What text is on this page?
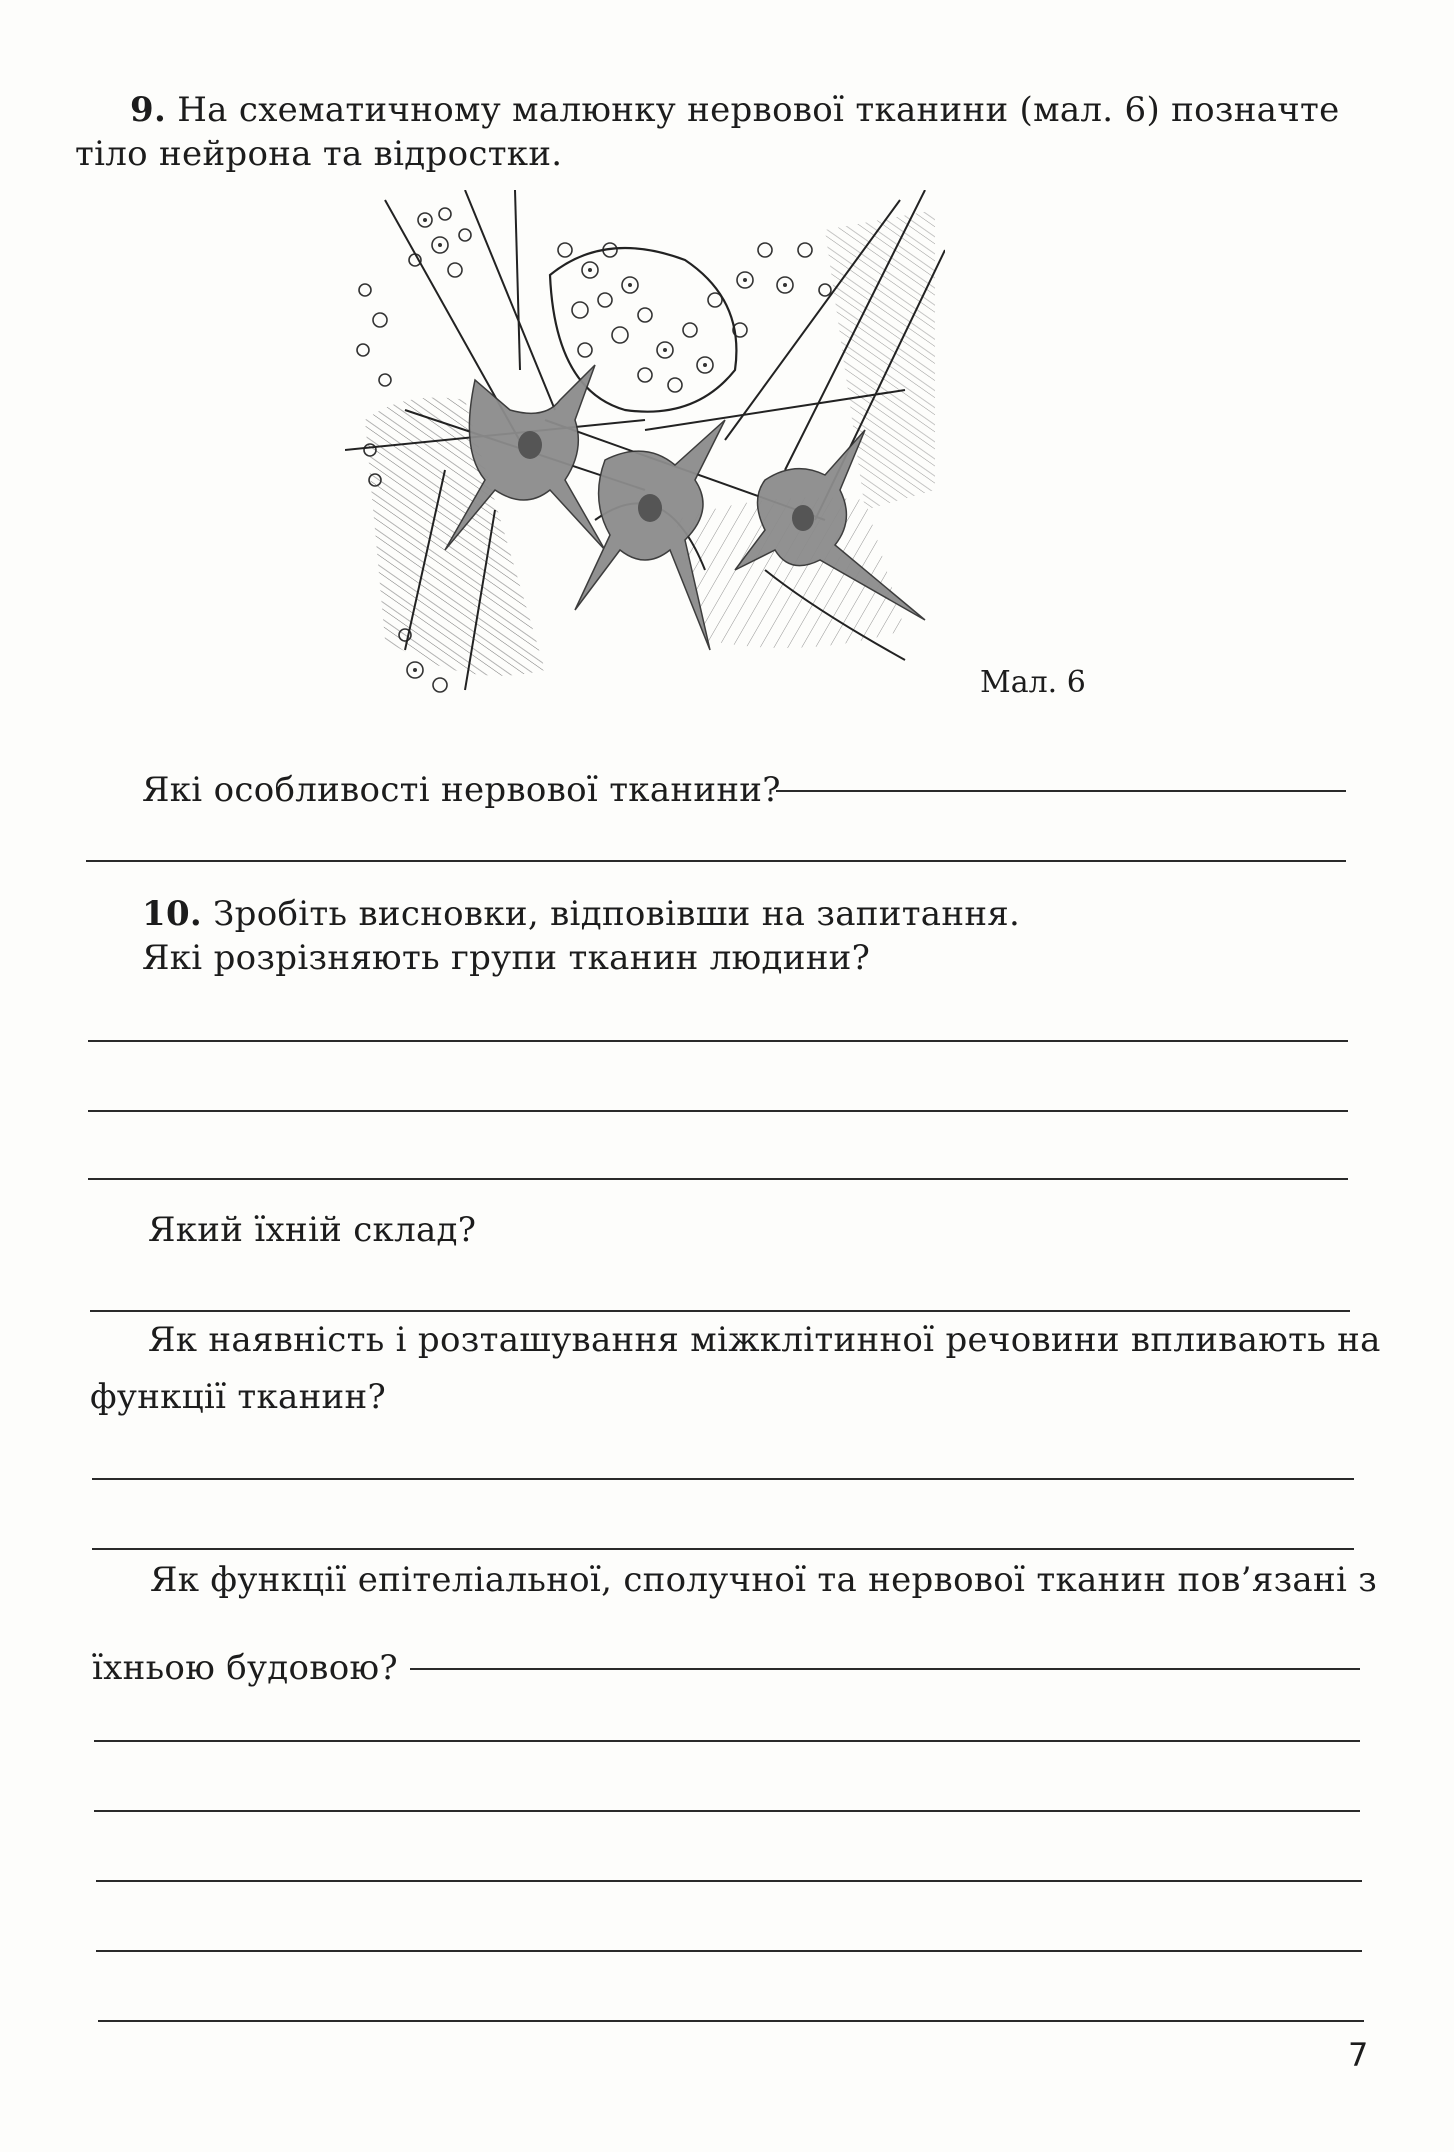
9. На схематичному малюнку нервової тканини (мал. 6) позначте
тіло нейрона та відростки.
Мал. 6
Які особливості нервової тканини?
10. Зробіть висновки, відповівши на запитання.
Які розрізняють групи тканин людини?
Який їхній склад?
Як наявність і розташування міжклітинної речовини впливають на
функції тканин?
Як функції епітеліальної, сполучної та нервової тканин пов’язані з
їхньою будовою?
7
